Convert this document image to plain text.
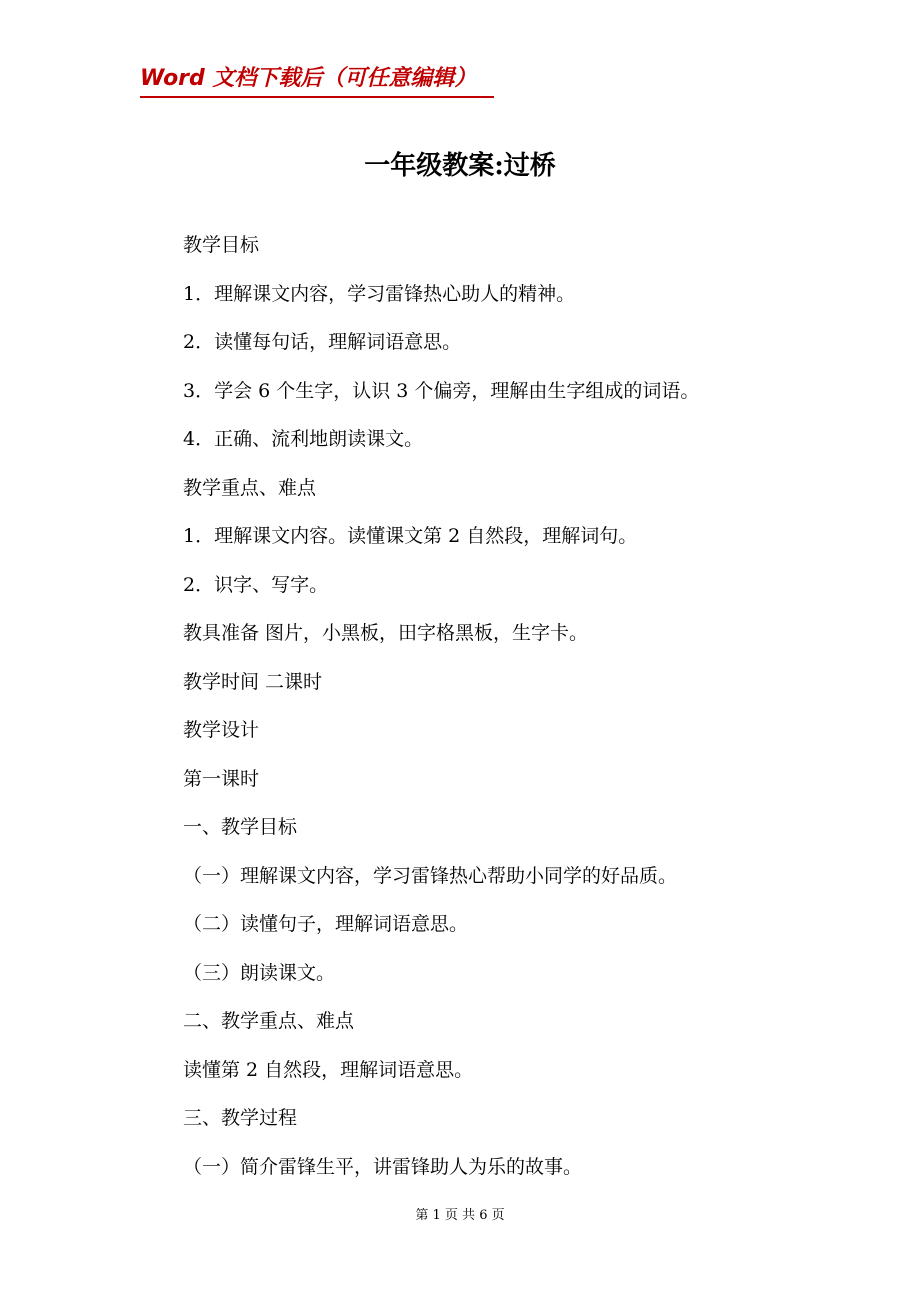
Word 文档下载后（可任意编辑）
一年级教案:过桥
教学目标
1．理解课文内容，学习雷锋热心助人的精神。
2．读懂每句话，理解词语意思。
3．学会 6 个生字，认识 3 个偏旁，理解由生字组成的词语。
4．正确、流利地朗读课文。
教学重点、难点
1．理解课文内容。读懂课文第 2 自然段，理解词句。
2．识字、写字。
教具准备 图片，小黑板，田字格黑板，生字卡。
教学时间 二课时
教学设计
第一课时
一、教学目标
（一）理解课文内容，学习雷锋热心帮助小同学的好品质。
（二）读懂句子，理解词语意思。
（三）朗读课文。
二、教学重点、难点
读懂第 2 自然段，理解词语意思。
三、教学过程
（一）简介雷锋生平，讲雷锋助人为乐的故事。
第 1 页 共 6 页
